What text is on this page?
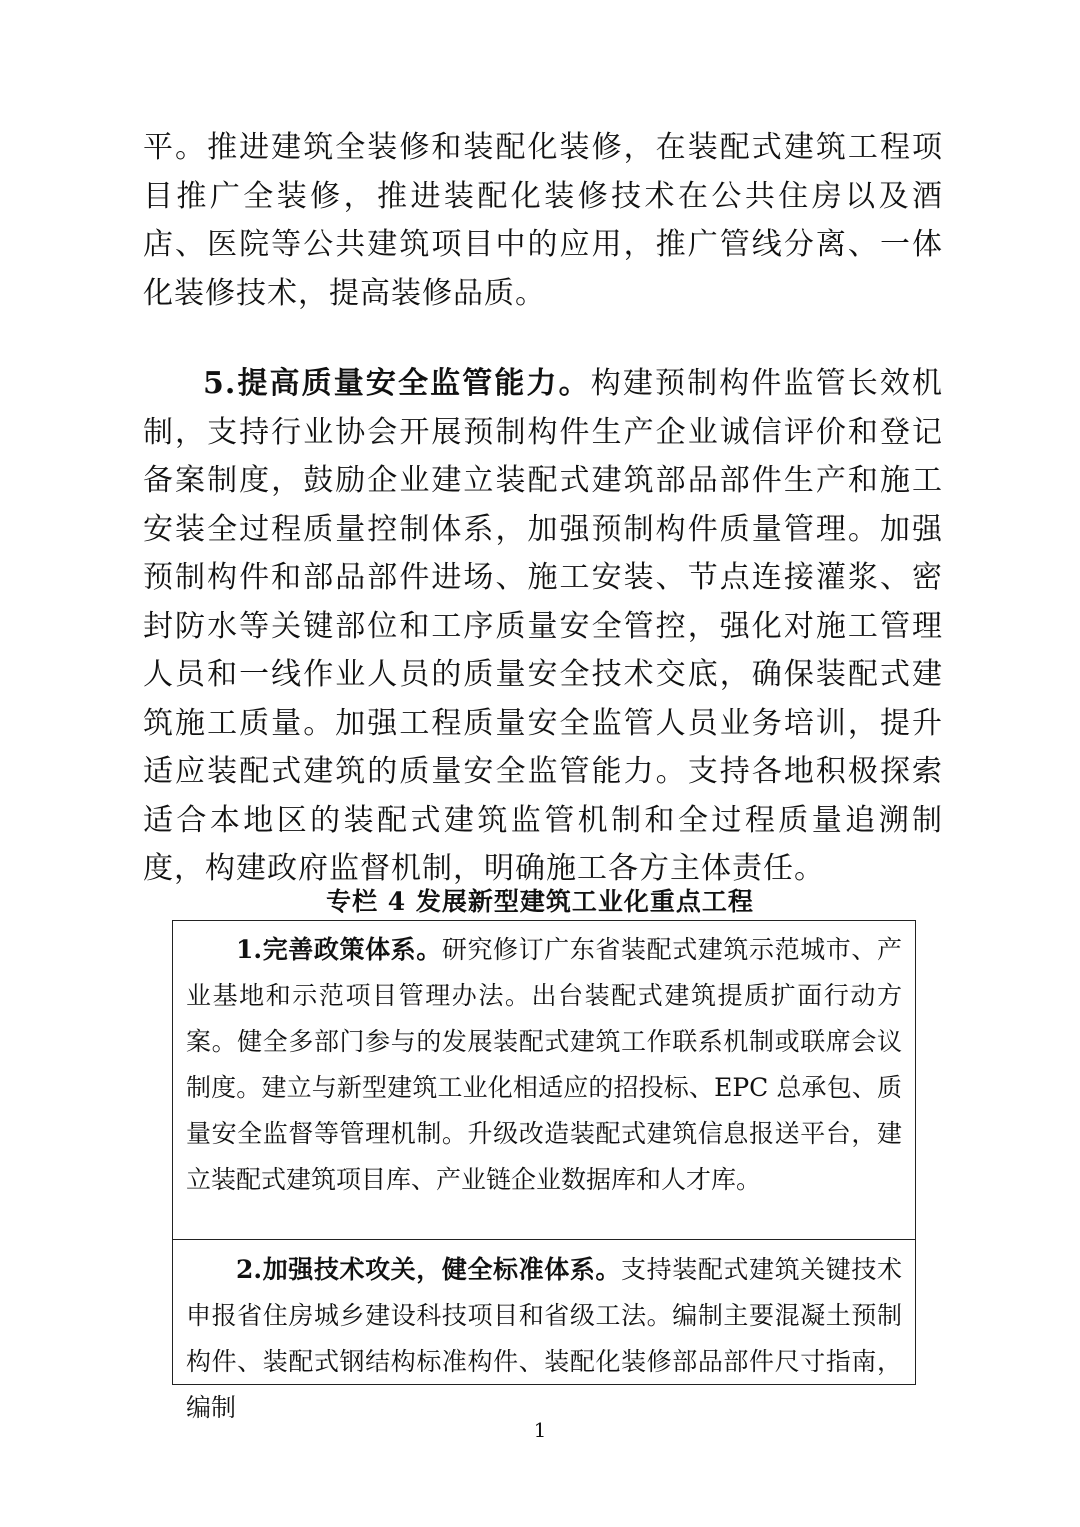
平。推进建筑全装修和装配化装修，在装配式建筑工程项目推广全装修，推进装配化装修技术在公共住房以及酒店、医院等公共建筑项目中的应用，推广管线分离、一体化装修技术，提高装修品质。

5.提高质量安全监管能力。构建预制构件监管长效机制，支持行业协会开展预制构件生产企业诚信评价和登记备案制度，鼓励企业建立装配式建筑部品部件生产和施工安装全过程质量控制体系，加强预制构件质量管理。加强预制构件和部品部件进场、施工安装、节点连接灌浆、密封防水等关键部位和工序质量安全管控，强化对施工管理人员和一线作业人员的质量安全技术交底，确保装配式建筑施工质量。加强工程质量安全监管人员业务培训，提升适应装配式建筑的质量安全监管能力。支持各地积极探索适合本地区的装配式建筑监管机制和全过程质量追溯制度，构建政府监督机制，明确施工各方主体责任。

专栏 4 发展新型建筑工业化重点工程
1.完善政策体系。研究修订广东省装配式建筑示范城市、产业基地和示范项目管理办法。出台装配式建筑提质扩面行动方案。健全多部门参与的发展装配式建筑工作联系机制或联席会议制度。建立与新型建筑工业化相适应的招投标、EPC 总承包、质量安全监督等管理机制。升级改造装配式建筑信息报送平台，建立装配式建筑项目库、产业链企业数据库和人才库。
2.加强技术攻关，健全标准体系。支持装配式建筑关键技术申报省住房城乡建设科技项目和省级工法。编制主要混凝土预制构件、装配式钢结构标准构件、装配化装修部品部件尺寸指南，编制
1
